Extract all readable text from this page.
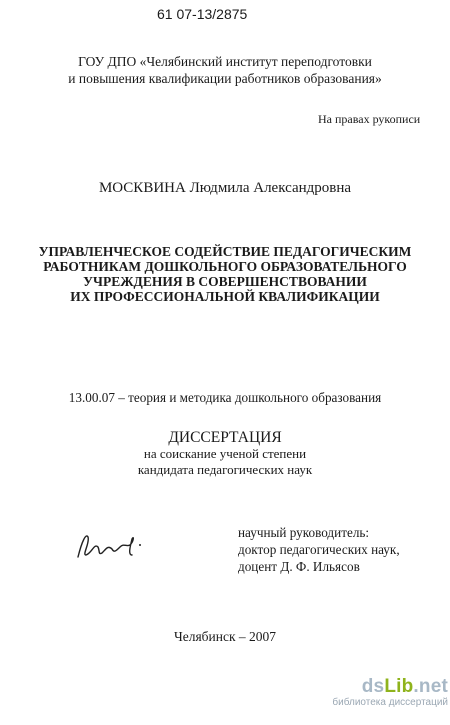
61 07-13/2875
ГОУ ДПО «Челябинский институт переподготовки
и повышения квалификации работников образования»
На правах рукописи
МОСКВИНА Людмила Александровна
УПРАВЛЕНЧЕСКОЕ СОДЕЙСТВИЕ ПЕДАГОГИЧЕСКИМ
РАБОТНИКАМ ДОШКОЛЬНОГО ОБРАЗОВАТЕЛЬНОГО
УЧРЕЖДЕНИЯ В СОВЕРШЕНСТВОВАНИИ
ИХ ПРОФЕССИОНАЛЬНОЙ КВАЛИФИКАЦИИ
13.00.07 – теория и методика дошкольного образования
ДИССЕРТАЦИЯ
на соискание ученой степени
кандидата педагогических наук
научный руководитель:
доктор педагогических наук,
доцент Д. Ф. Ильясов
Челябинск – 2007
dsLib.net
библиотека диссертаций
